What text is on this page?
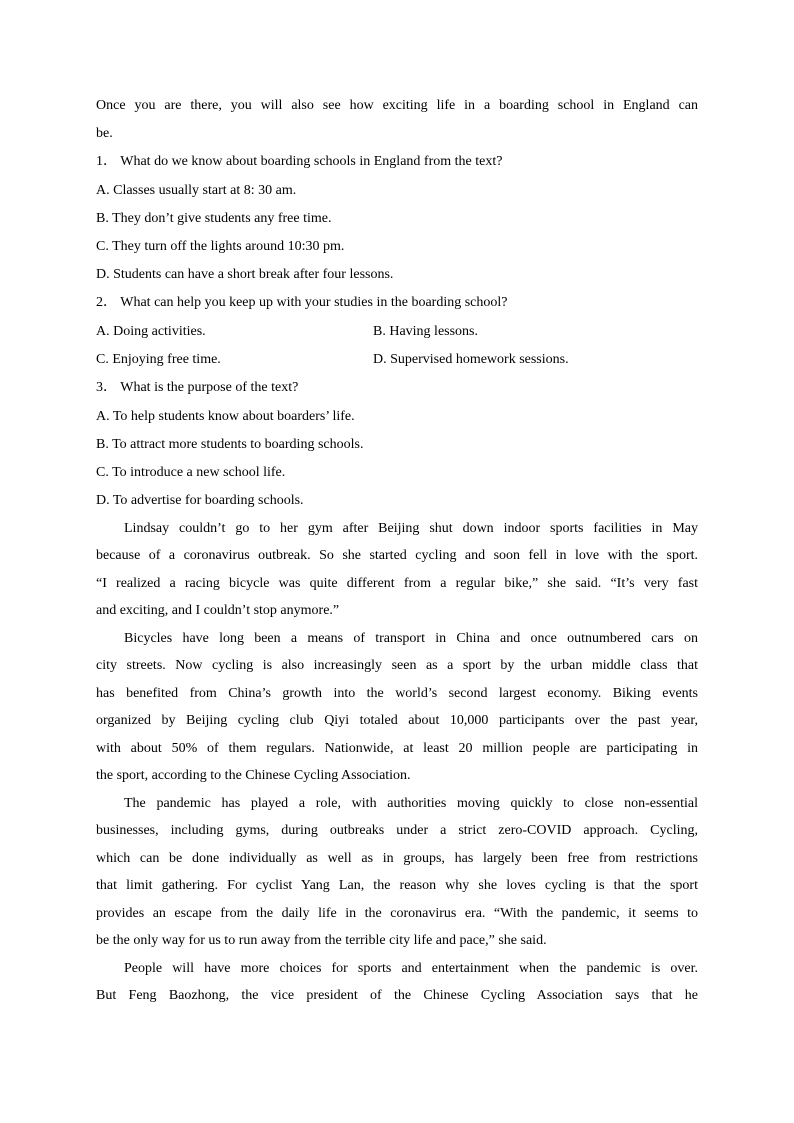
Once you are there, you will also see how exciting life in a boarding school in England can
be.
1． What do we know about boarding schools in England from the text?
A. Classes usually start at 8: 30 am.
B. They don’t give students any free time.
C. They turn off the lights around 10:30 pm.
D. Students can have a short break after four lessons.
2． What can help you keep up with your studies in the boarding school?
A. Doing activities.	B. Having lessons.
C. Enjoying free time.	D. Supervised homework sessions.
3． What is the purpose of the text?
A. To help students know about boarders’ life.
B. To attract more students to boarding schools.
C. To introduce a new school life.
D. To advertise for boarding schools.
Lindsay couldn’t go to her gym after Beijing shut down indoor sports facilities in May
because of a coronavirus outbreak. So she started cycling and soon fell in love with the sport.
“I realized a racing bicycle was quite different from a regular bike,” she said. “It’s very fast
and exciting, and I couldn’t stop anymore.”
Bicycles have long been a means of transport in China and once outnumbered cars on
city streets. Now cycling is also increasingly seen as a sport by the urban middle class that
has benefited from China’s growth into the world’s second largest economy. Biking events
organized by Beijing cycling club Qiyi totaled about 10,000 participants over the past year,
with about 50% of them regulars. Nationwide, at least 20 million people are participating in
the sport, according to the Chinese Cycling Association.
The pandemic has played a role, with authorities moving quickly to close non-essential
businesses, including gyms, during outbreaks under a strict zero-COVID approach. Cycling,
which can be done individually as well as in groups, has largely been free from restrictions
that limit gathering. For cyclist Yang Lan, the reason why she loves cycling is that the sport
provides an escape from the daily life in the coronavirus era. “With the pandemic, it seems to
be the only way for us to run away from the terrible city life and pace,” she said.
People will have more choices for sports and entertainment when the pandemic is over.
But Feng Baozhong, the vice president of the Chinese Cycling Association says that he
